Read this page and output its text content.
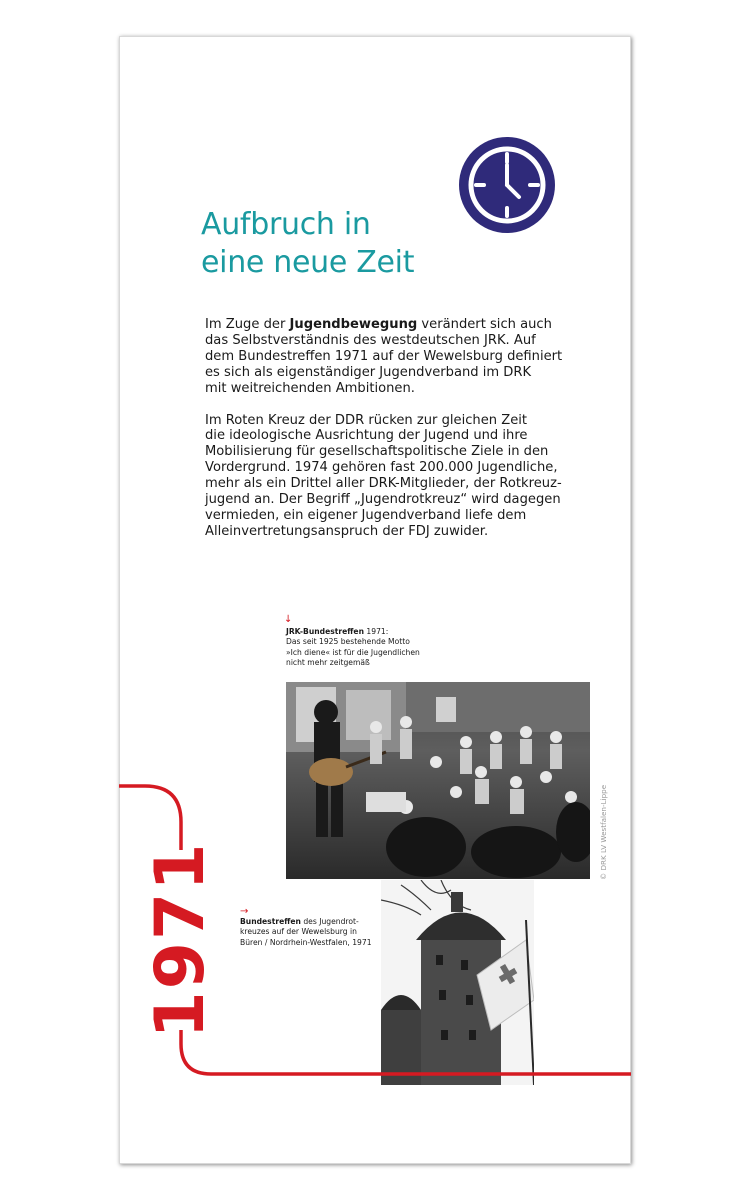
Aufbruch in
eine neue Zeit

Im Zuge der Jugendbewegung verändert sich auch
das Selbstverständnis des westdeutschen JRK. Auf
dem Bundestreffen 1971 auf der Wewelsburg definiert
es sich als eigenständiger Jugendverband im DRK
mit weitreichenden Ambitionen.

Im Roten Kreuz der DDR rücken zur gleichen Zeit
die ideologische Ausrichtung der Jugend und ihre
Mobilisierung für gesellschaftspolitische Ziele in den
Vordergrund. 1974 gehören fast 200.000 Jugendliche,
mehr als ein Drittel aller DRK-Mitglieder, der Rotkreuz-
jugend an. Der Begriff „Jugendrotkreuz“ wird dagegen
vermieden, ein eigener Jugendverband liefe dem
Alleinvertretungsanspruch der FDJ zuwider.

↓
JRK-Bundestreffen 1971:
Das seit 1925 bestehende Motto
»Ich diene« ist für die Jugendlichen
nicht mehr zeitgemäß
→
Bundestreffen des Jugendrot-
kreuzes auf der Wewelsburg in
Büren / Nordrhein-Westfalen, 1971
© DRK LV Westfalen-Lippe
1971
